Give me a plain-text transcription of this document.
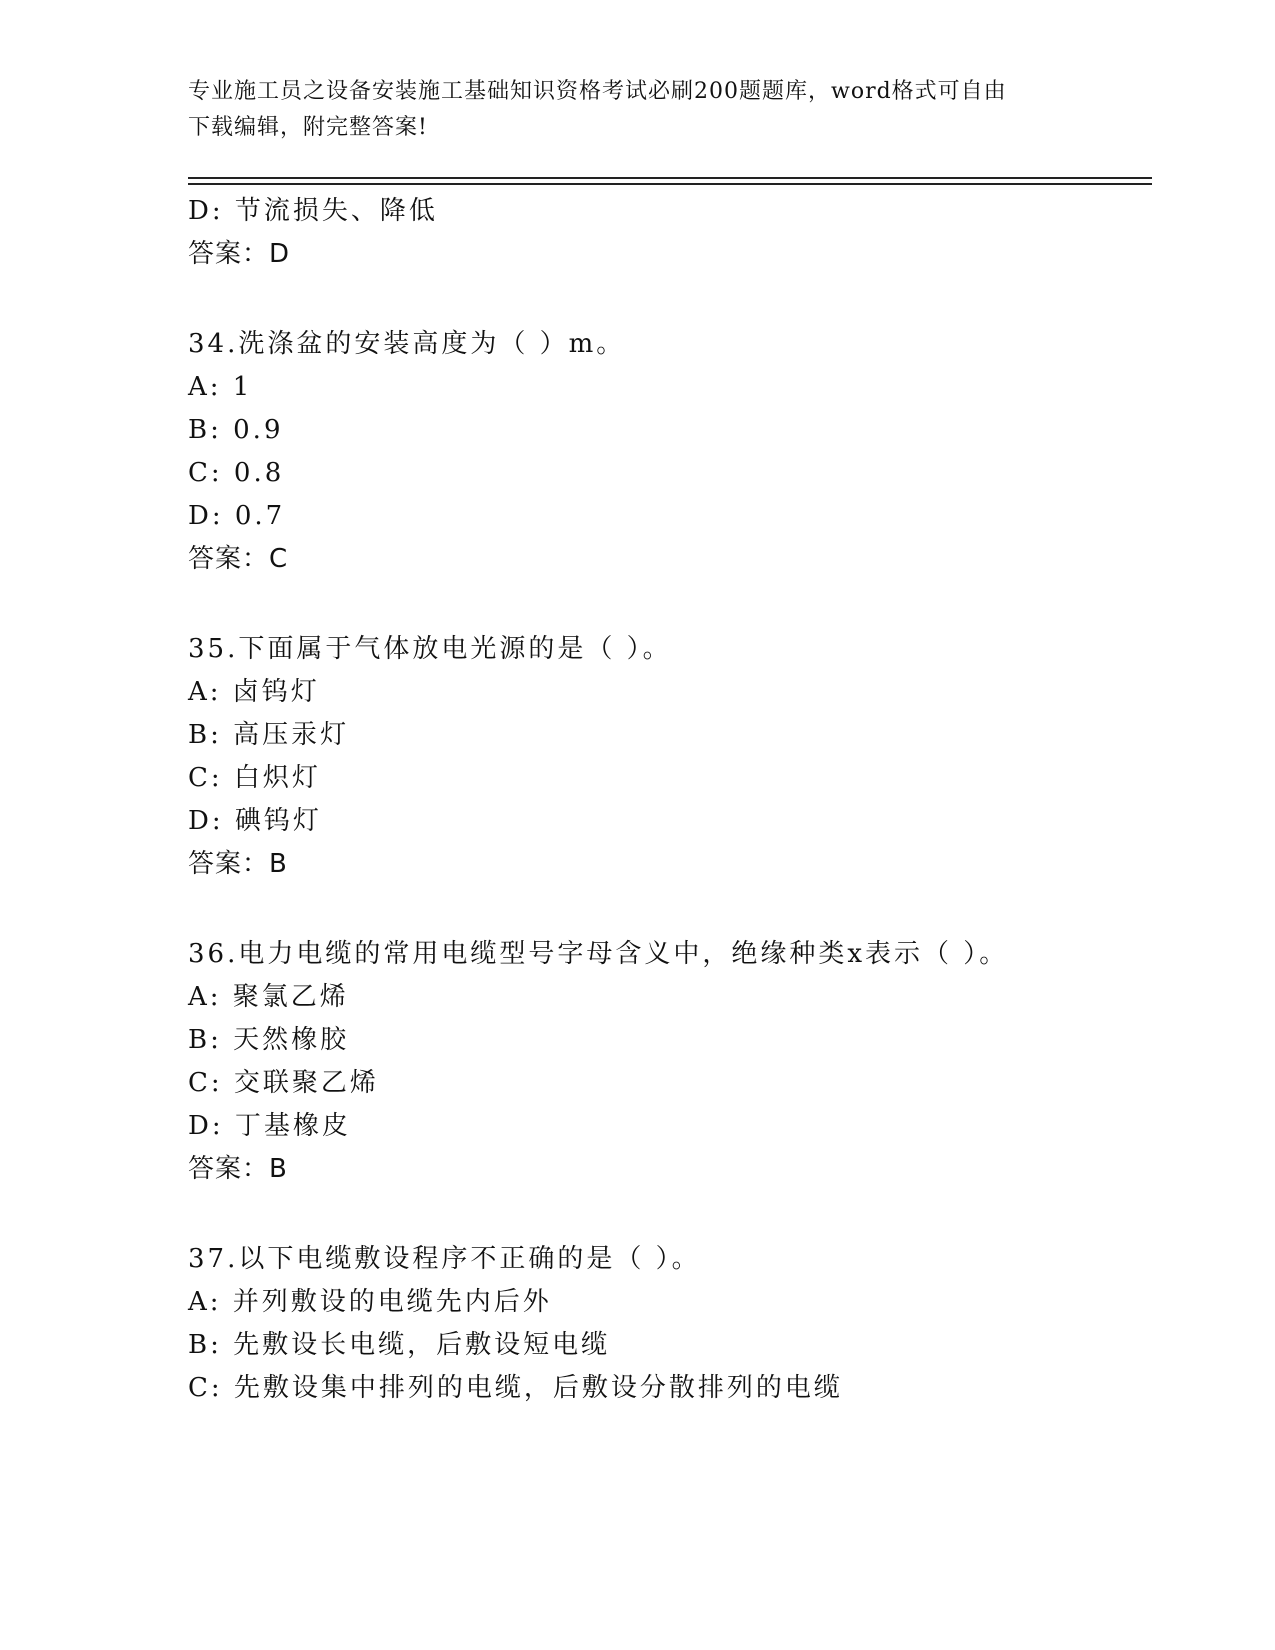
专业施工员之设备安装施工基础知识资格考试必刷200题题库，word格式可自由
下载编辑，附完整答案!
D: 节流损失、降低
答案：D
34.洗涤盆的安装高度为（ ）m。
A: 1
B: 0.9
C: 0.8
D: 0.7
答案：C
35.下面属于气体放电光源的是（ ）。
A: 卤钨灯
B: 高压汞灯
C: 白炽灯
D: 碘钨灯
答案：B
36.电力电缆的常用电缆型号字母含义中，绝缘种类x表示（ ）。
A: 聚氯乙烯
B: 天然橡胶
C: 交联聚乙烯
D: 丁基橡皮
答案：B
37.以下电缆敷设程序不正确的是（ ）。
A: 并列敷设的电缆先内后外
B: 先敷设长电缆，后敷设短电缆
C: 先敷设集中排列的电缆，后敷设分散排列的电缆
